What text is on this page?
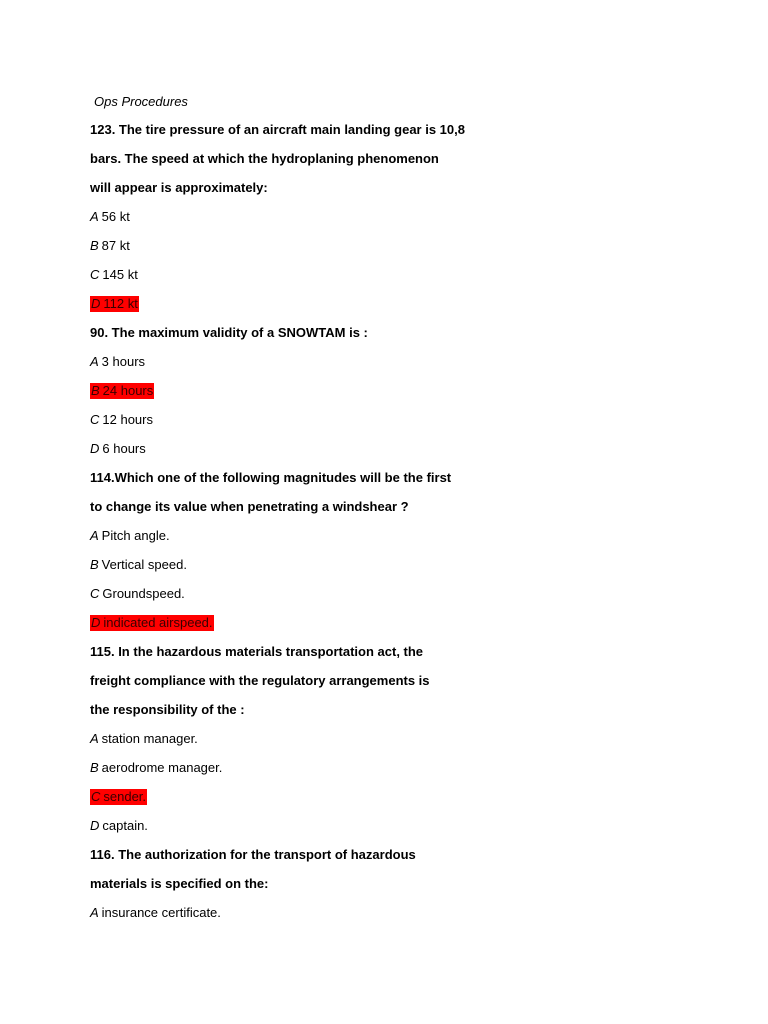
Ops Procedures
123. The tire pressure of an aircraft main landing gear is 10,8
bars. The speed at which the hydroplaning phenomenon
will appear is approximately:
A 56 kt
B 87 kt
C 145 kt
D 112 kt
90. The maximum validity of a SNOWTAM is :
A 3 hours
B 24 hours
C 12 hours
D 6 hours
114.Which one of the following magnitudes will be the first
to change its value when penetrating a windshear ?
A Pitch angle.
B Vertical speed.
C Groundspeed.
D indicated airspeed.
115. In the hazardous materials transportation act, the
freight compliance with the regulatory arrangements is
the responsibility of the :
A station manager.
B aerodrome manager.
C sender.
D captain.
116. The authorization for the transport of hazardous
materials is specified on the:
A insurance certificate.
